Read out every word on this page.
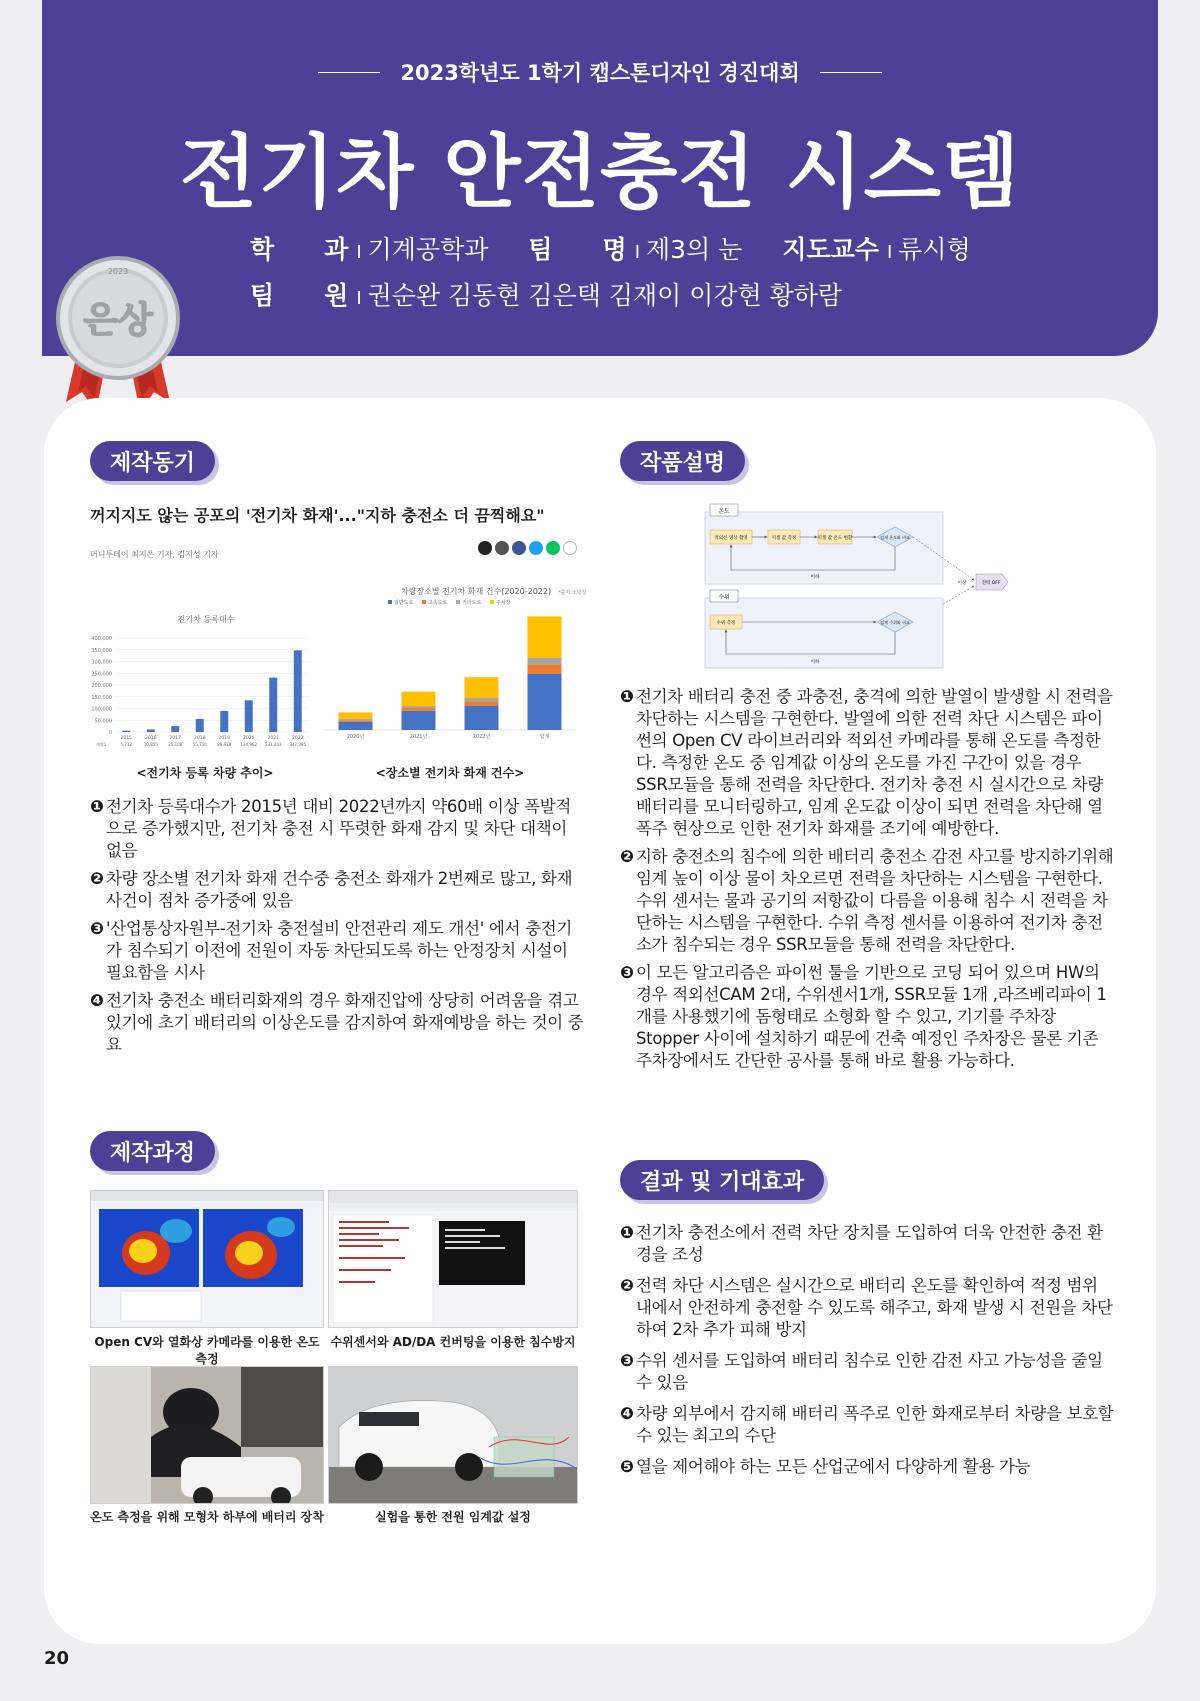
2023학년도 1학기 캡스톤디자인 경진대회
전기차 안전충전 시스템
학　　과 I 기계공학과 팀　　명 I 제3의 눈 지도교수 I 류시형
팀　　원 I 권순완 김동현 김은택 김재이 이강현 황하람
2023
은상
제작동기	작품설명
제작과정
결과 및 기대효과
꺼지지도 않는 공포의 '전기차 화재'..."지하 충전소 더 끔찍해요"
머니투데이 최지은 기자, 김지성 기자
전기차 등록대수
400,000
350,000
300,000
250,000
200,000
150,000
100,000
50,000
0
2015
5,712
2016
10,855
2017
25,108
2018
55,756
2019
89,918
2020
134,962
2021
231,443
2022
347,395
계열1
차량장소별 전기차 화재 건수(2020-2022) *출처:소방청
일반도로	고속도로	기타도로	주차장
2020년	2021년	2022년	합계
<전기차 등록 차량 추이>	<장소별 전기차 화재 건수>
❶ 전기차 등록대수가 2015년 대비 2022년까지 약60배 이상 폭발적 으로 증가했지만, 전기차 충전 시 뚜렷한 화재 감지 및 차단 대책이 없음
❷ 차량 장소별 전기차 화재 건수중 충전소 화재가 2번째로 많고, 화재 사건이 점차 증가중에 있음
❸ '산업통상자원부-전기차 충전설비 안전관리 제도 개선' 에서 충전기가 침수되기 이전에 전원이 자동 차단되도록 하는 안정장치 시설이 필요함을 시사
❹ 전기차 충전소 배터리화재의 경우 화재진압에 상당히 어려움을 겪고 있기에 초기 배터리의 이상온도를 감지하여 화재예방을 하는 것이 중요
온도
적외선 영상 촬영	픽셀 값 측정	픽셀 값 온도 변환	임계 온도와 비교
이하
전력 OFF
이상
수위
수위 측정	임계 수위와 비교
이하
❶ 전기차 배터리 충전 중 과충전, 충격에 의한 발열이 발생할 시 전력을 차단하는 시스템을 구현한다. 발열에 의한 전력 차단 시스템은 파이썬의 Open CV 라이브러리와 적외선 카메라를 통해 온도를 측정한다. 측정한 온도 중 임계값 이상의 온도를 가진 구간이 있을 경우 SSR모듈을 통해 전력을 차단한다. 전기차 충전 시 실시간으로 차량 배터리를 모니터링하고, 임계 온도값 이상이 되면 전력을 차단해 열폭주 현상으로 인한 전기차 화재를 조기에 예방한다.
❷ 지하 충전소의 침수에 의한 배터리 충전소 감전 사고를 방지하기위해 임계 높이 이상 물이 차오르면 전력을 차단하는 시스템을 구현한다. 수위 센서는 물과 공기의 저항값이 다름을 이용해 침수 시 전력을 차단하는 시스템을 구현한다. 수위 측정 센서를 이용하여 전기차 충전소가 침수되는 경우 SSR모듈을 통해 전력을 차단한다.
❸ 이 모든 알고리즘은 파이썬 툴을 기반으로 코딩 되어 있으며 HW의 경우 적외선CAM 2대, 수위센서1개, SSR모듈 1개 ,라즈베리파이 1개를 사용했기에 돔형태로 소형화 할 수 있고, 기기를 주차장 Stopper 사이에 설치하기 때문에 건축 예정인 주차장은 물론 기존 주차장에서도 간단한 공사를 통해 바로 활용 가능하다.
Open CV와 열화상 카메라를 이용한 온도측정
수위센서와 AD/DA 컨버팅을 이용한 침수방지
온도 측정을 위해 모형차 하부에 배터리 장착	실험을 통한 전원 임계값 설정
❶ 전기차 충전소에서 전력 차단 장치를 도입하여 더욱 안전한 충전 환경을 조성
❷ 전력 차단 시스템은 실시간으로 배터리 온도를 확인하여 적정 범위 내에서 안전하게 충전할 수 있도록 해주고, 화재 발생 시 전원을 차단하여 2차 추가 피해 방지
❸ 수위 센서를 도입하여 배터리 침수로 인한 감전 사고 가능성을 줄일 수 있음
❹ 차량 외부에서 감지해 배터리 폭주로 인한 화재로부터 차량을 보호할 수 있는 최고의 수단
❺ 열을 제어해야 하는 모든 산업군에서 다양하게 활용 가능
20
